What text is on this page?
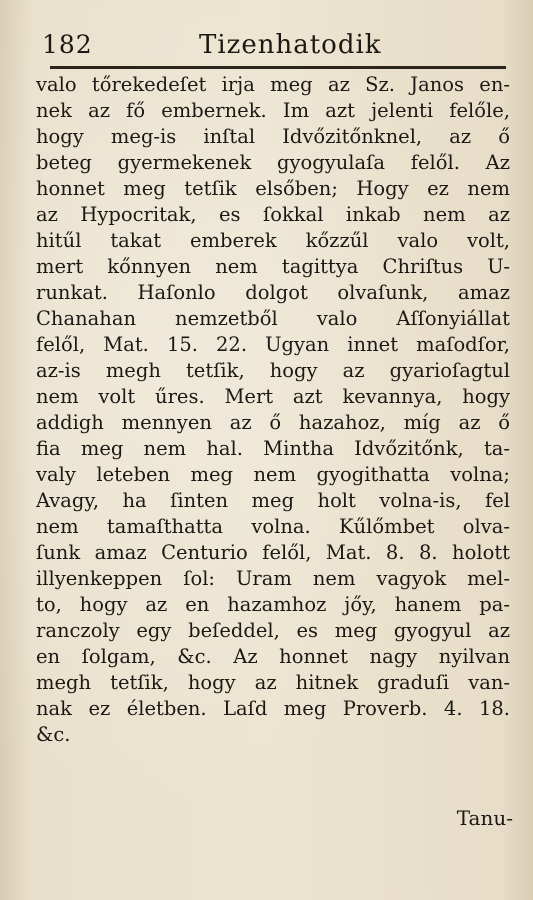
182	Tizenhatodik
valo tőrekedeſet irja meg az Sz. Janos en-
nek az fő embernek. Im azt jelenti felőle,
hogy meg-is inſtal Idvőzitőnknel, az ő
beteg gyermekenek gyogyulaſa felől. Az
honnet meg tetſik elsőben; Hogy ez nem
az Hypocritak, es ſokkal inkab nem az
hitűl takat emberek kőzzűl valo volt,
mert kőnnyen nem tagittya Chriſtus U-
runkat. Haſonlo dolgot olvaſunk, amaz
Chanahan nemzetből valo Aſſonyiállat
felől, Mat. 15. 22. Ugyan innet maſodſor,
az-is megh tetſik, hogy az gyarioſagtul
nem volt űres. Mert azt kevannya, hogy
addigh mennyen az ő hazahoz, míg az ő
fia meg nem hal. Mintha Idvőzitőnk, ta-
valy leteben meg nem gyogithatta volna;
Avagy, ha ſinten meg holt volna-is, fel
nem tamaſthatta volna. Kűlőmbet olva-
ſunk amaz Centurio felől, Mat. 8. 8. holott
illyenkeppen ſol: Uram nem vagyok mel-
to, hogy az en hazamhoz jőy, hanem pa-
ranczoly egy beſeddel, es meg gyogyul az
en ſolgam, &c. Az honnet nagy nyilvan
megh tetſik, hogy az hitnek graduſi van-
nak ez életben. Laſd meg Proverb. 4. 18.
&c.
Tanu-
